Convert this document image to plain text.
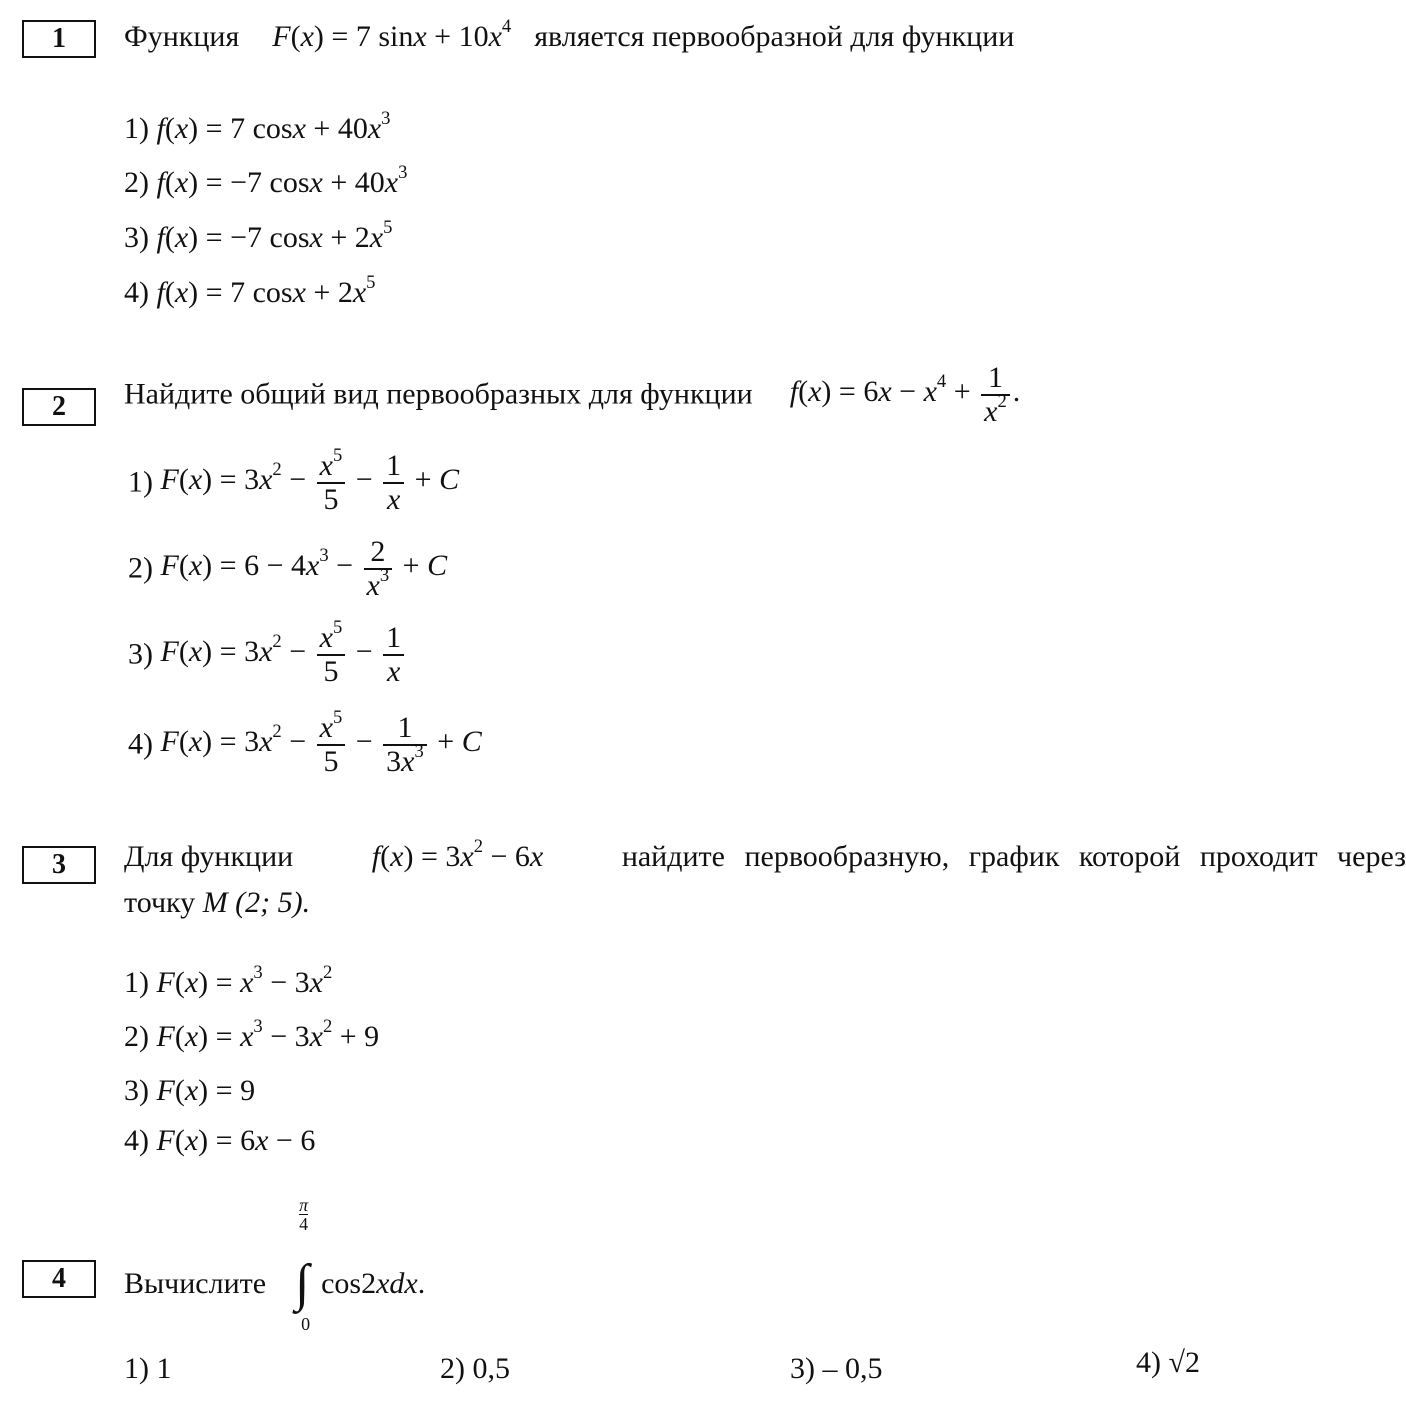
1	Функция F(x) = 7 $\sin x + 10x^4$ является первообразной для функции
1) f(x) = 7 $\cos x + 40x^3$
2) f(x) = −7 $\cos x + 40x^3$
3) f(x) = −7 $\cos x + 2x^5$
4) f(x) = 7 $\cos x + 2x^5$
2	Найдите общий вид первообразных для функции $f(x) = 6x - x^4 + \frac{1}{x^2}$ .
1) $F(x) = 3x^2 - \frac{x^5}{5} - \frac{1}{x} + C$
2) $F(x) = 6 - 4x^3 - \frac{2}{x^3} + C$
3) $F(x) = 3x^2 - \frac{x^5}{5} - \frac{1}{x}$
4) $F(x) = 3x^2 - \frac{x^5}{5} - \frac{1}{3x^3} + C$
3	Для функции	$f(x) = 3x^2 - 6x$	найдите первообразную, график которой проходит через
точку M (2; 5).
1) $F(x) = x^3 - 3x^2$
2) $F(x) = x^3 - 3x^2 + 9$
3) F(x) = 9
4) F(x) = 6x − 6
4	Вычислите
π
4
∫
0
cos2xdx.
1) 1	2) 0,5	3) – 0,5	4) √2
